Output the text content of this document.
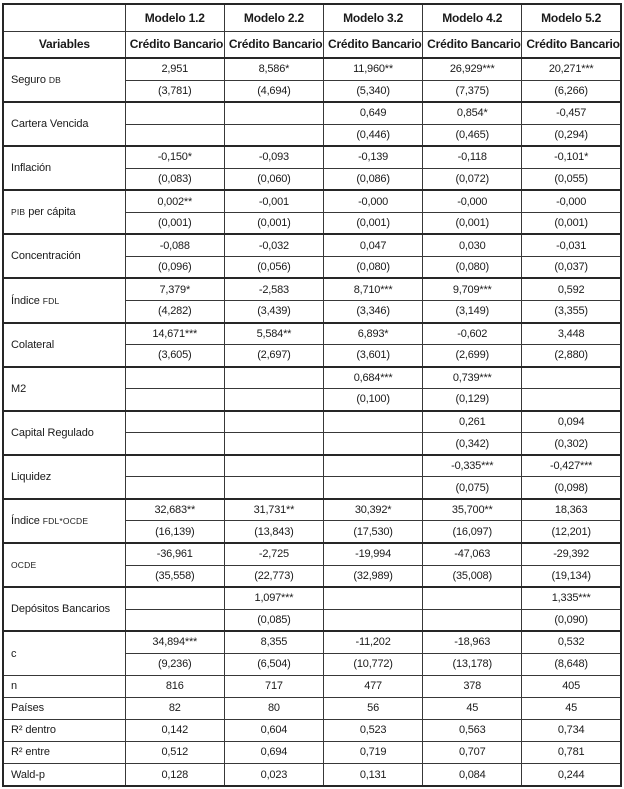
	Modelo 1.2	Modelo 2.2	Modelo 3.2	Modelo 4.2	Modelo 5.2
Variables	Crédito Bancario	Crédito Bancario	Crédito Bancario	Crédito Bancario	Crédito Bancario
Seguro DB	2,951	8,586*	11,960**	26,929***	20,271***
	(3,781)	(4,694)	(5,340)	(7,375)	(6,266)
Cartera Vencida			0,649	0,854*	-0,457
			(0,446)	(0,465)	(0,294)
Inflación	-0,150*	-0,093	-0,139	-0,118	-0,101*
	(0,083)	(0,060)	(0,086)	(0,072)	(0,055)
PIB per cápita	0,002**	-0,001	-0,000	-0,000	-0,000
	(0,001)	(0,001)	(0,001)	(0,001)	(0,001)
Concentración	-0,088	-0,032	0,047	0,030	-0,031
	(0,096)	(0,056)	(0,080)	(0,080)	(0,037)
Índice FDL	7,379*	-2,583	8,710***	9,709***	0,592
	(4,282)	(3,439)	(3,346)	(3,149)	(3,355)
Colateral	14,671***	5,584**	6,893*	-0,602	3,448
	(3,605)	(2,697)	(3,601)	(2,699)	(2,880)
M2			0,684***	0,739***	
			(0,100)	(0,129)	
Capital Regulado				0,261	0,094
				(0,342)	(0,302)
Liquidez				-0,335***	-0,427***
				(0,075)	(0,098)
Índice FDL*OCDE	32,683**	31,731**	30,392*	35,700**	18,363
	(16,139)	(13,843)	(17,530)	(16,097)	(12,201)
OCDE	-36,961	-2,725	-19,994	-47,063	-29,392
	(35,558)	(22,773)	(32,989)	(35,008)	(19,134)
Depósitos Bancarios		1,097***			1,335***
		(0,085)			(0,090)
c	34,894***	8,355	-11,202	-18,963	0,532
	(9,236)	(6,504)	(10,772)	(13,178)	(8,648)
n	816	717	477	378	405
Países	82	80	56	45	45
R² dentro	0,142	0,604	0,523	0,563	0,734
R² entre	0,512	0,694	0,719	0,707	0,781
Wald-p	0,128	0,023	0,131	0,084	0,244
